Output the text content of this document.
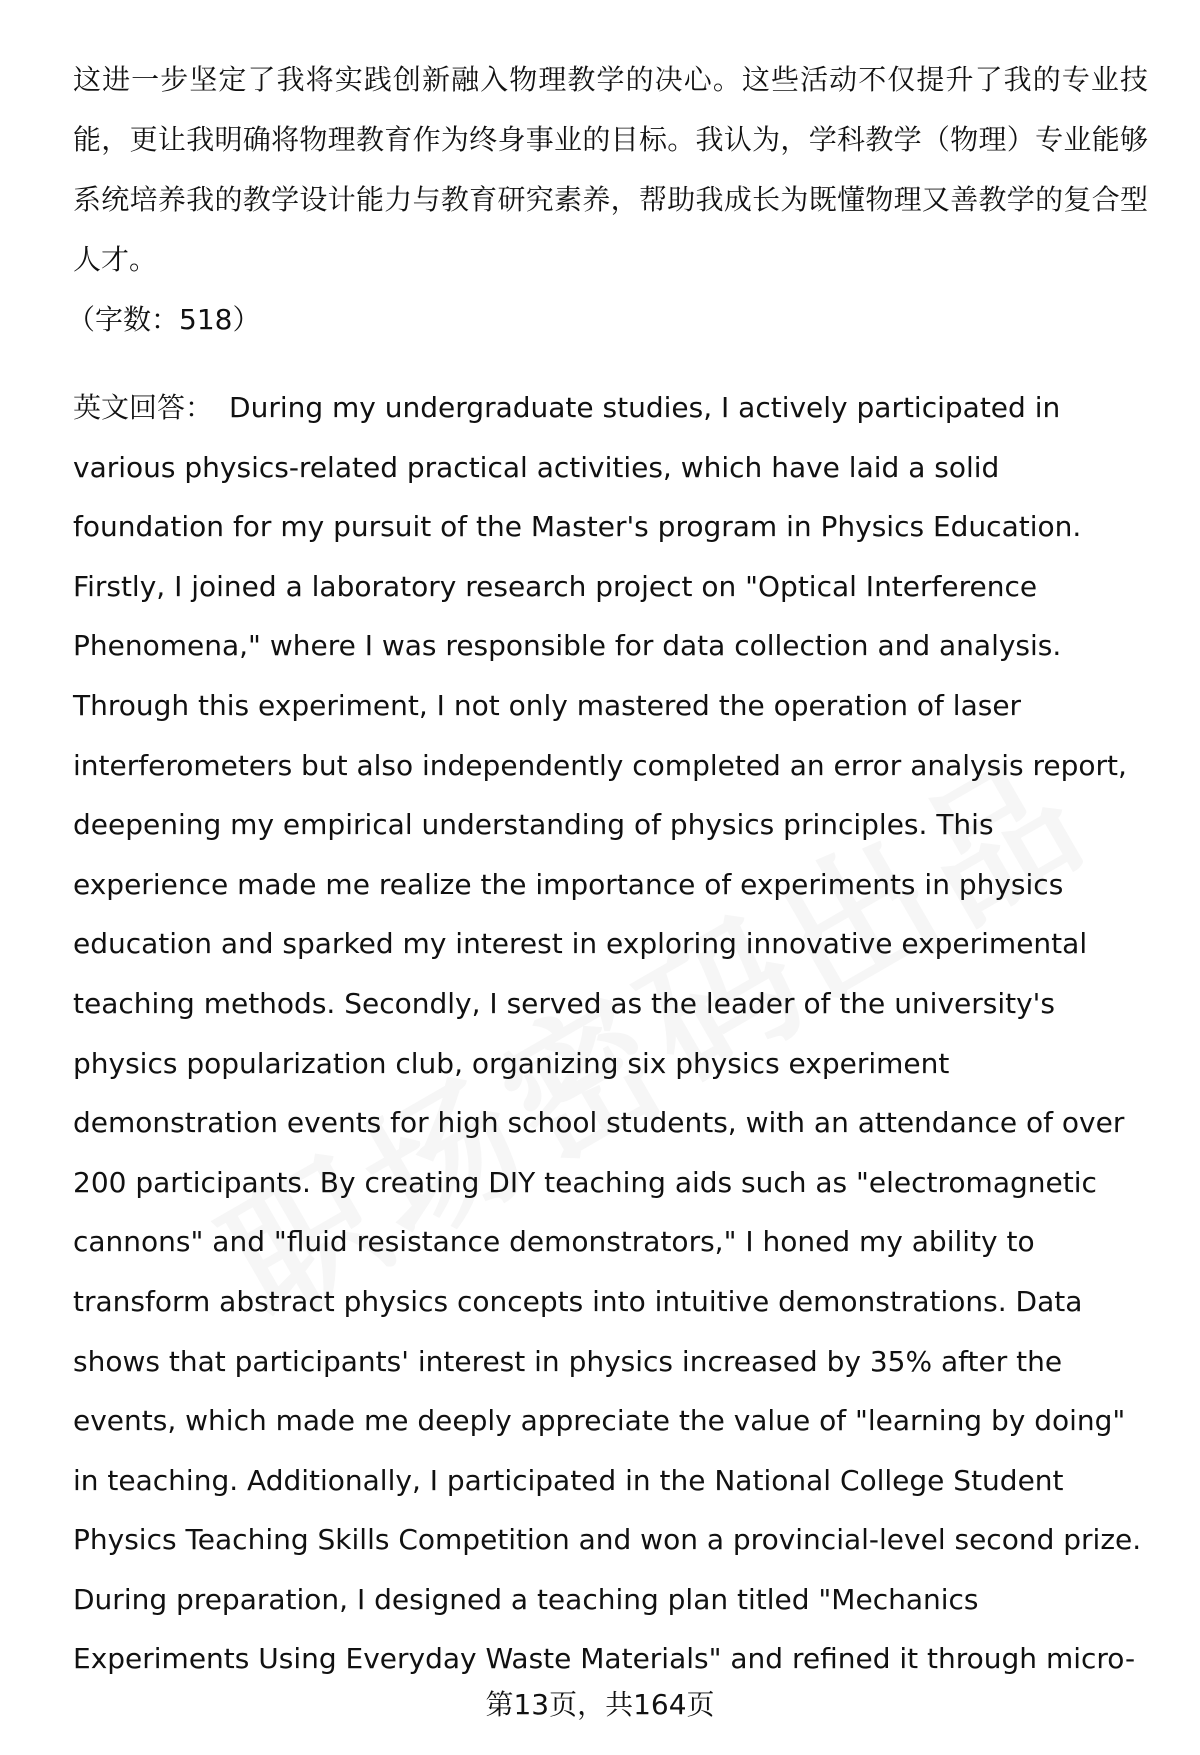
这进一步坚定了我将实践创新融入物理教学的决心。这些活动不仅提升了我的专业技能，更让我明确将物理教育作为终身事业的目标。我认为，学科教学（物理）专业能够系统培养我的教学设计能力与教育研究素养，帮助我成长为既懂物理又善教学的复合型人才。

（字数：518）

英文回答： During my undergraduate studies, I actively participated in various physics-related practical activities, which have laid a solid foundation for my pursuit of the Master's program in Physics Education. Firstly, I joined a laboratory research project on "Optical Interference Phenomena," where I was responsible for data collection and analysis. Through this experiment, I not only mastered the operation of laser interferometers but also independently completed an error analysis report, deepening my empirical understanding of physics principles. This experience made me realize the importance of experiments in physics education and sparked my interest in exploring innovative experimental teaching methods. Secondly, I served as the leader of the university's physics popularization club, organizing six physics experiment demonstration events for high school students, with an attendance of over 200 participants. By creating DIY teaching aids such as "electromagnetic cannons" and "fluid resistance demonstrators," I honed my ability to transform abstract physics concepts into intuitive demonstrations. Data shows that participants' interest in physics increased by 35% after the events, which made me deeply appreciate the value of "learning by doing" in teaching. Additionally, I participated in the National College Student Physics Teaching Skills Competition and won a provincial-level second prize. During preparation, I designed a teaching plan titled "Mechanics Experiments Using Everyday Waste Materials" and refined it through micro-

第13页，共164页
